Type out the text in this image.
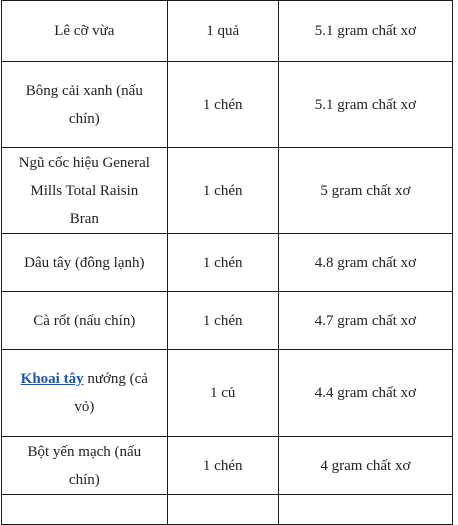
Lê cỡ vừa	1 quả	5.1 gram chất xơ
Bông cải xanh (nấu chín)	1 chén	5.1 gram chất xơ
Ngũ cốc hiệu General Mills Total Raisin Bran	1 chén	5 gram chất xơ
Dâu tây (đông lạnh)	1 chén	4.8 gram chất xơ
Cà rốt (nấu chín)	1 chén	4.7 gram chất xơ
Khoai tây nướng (cả vỏ)	1 củ	4.4 gram chất xơ
Bột yến mạch (nấu chín)	1 chén	4 gram chất xơ
